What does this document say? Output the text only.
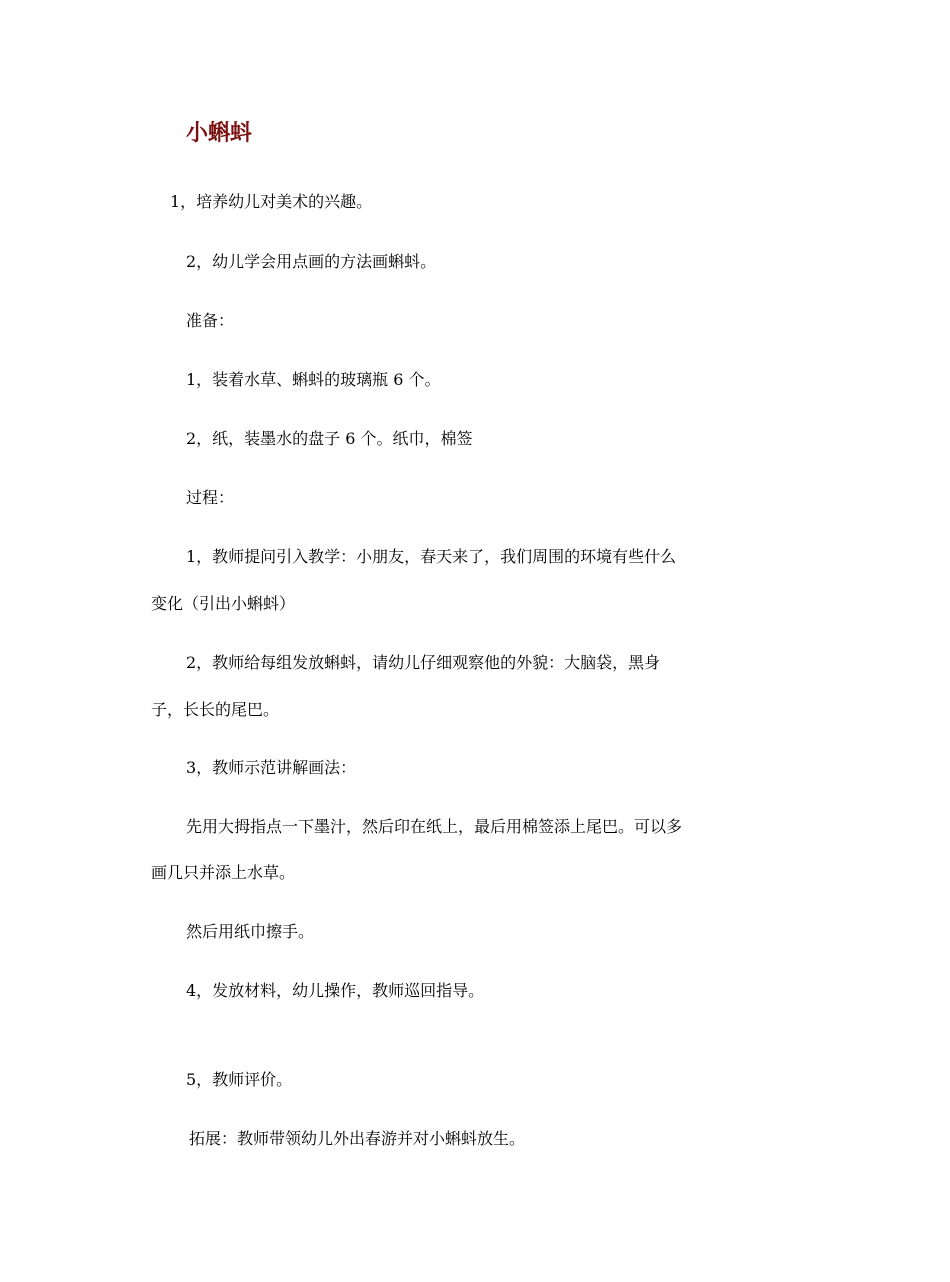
小蝌蚪
1，培养幼儿对美术的兴趣。
2，幼儿学会用点画的方法画蝌蚪。
准备：
1，装着水草、蝌蚪的玻璃瓶 6 个。
2，纸，装墨水的盘子 6 个。纸巾，棉签
过程：
1，教师提问引入教学：小朋友，春天来了，我们周围的环境有些什么
变化（引出小蝌蚪）
2，教师给每组发放蝌蚪，请幼儿仔细观察他的外貌：大脑袋，黑身
子，长长的尾巴。
3，教师示范讲解画法：
先用大拇指点一下墨汁，然后印在纸上，最后用棉签添上尾巴。可以多
画几只并添上水草。
然后用纸巾擦手。
4，发放材料，幼儿操作，教师巡回指导。
5，教师评价。
拓展：教师带领幼儿外出春游并对小蝌蚪放生。
